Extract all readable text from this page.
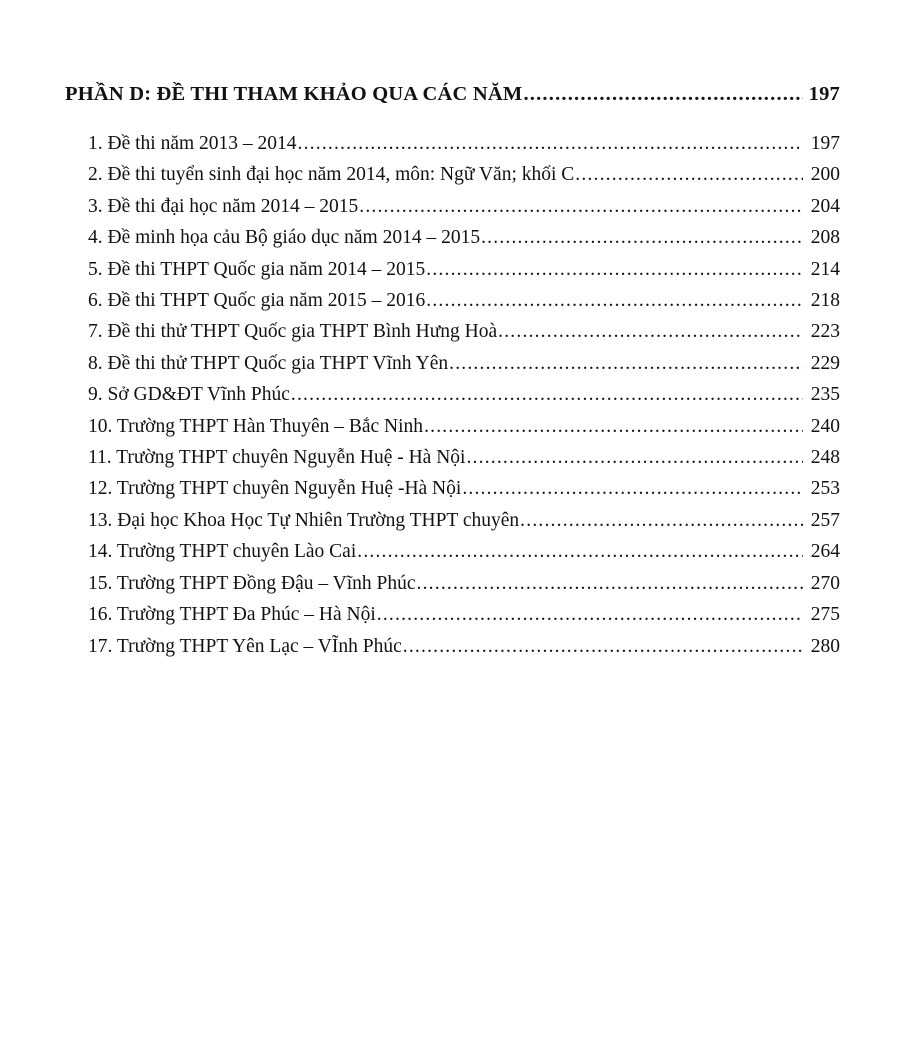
PHẦN D: ĐỀ THI THAM KHẢO QUA CÁC NĂM .....	197
1. Đề thi năm 2013 – 2014 .....	197
2. Đề thi tuyển sinh đại học năm 2014, môn: Ngữ Văn; khối C .....	200
3. Đề thi đại học năm 2014 – 2015 .....	204
4. Đề minh họa cảu Bộ giáo dục năm 2014 – 2015 .....	208
5. Đề thi THPT Quốc gia năm 2014 – 2015 .....	214
6. Đề thi THPT Quốc gia năm 2015 – 2016 .....	218
7. Đề thi thử THPT Quốc gia THPT Bình Hưng Hoà .....	223
8. Đề thi thử THPT Quốc gia THPT Vĩnh Yên .....	229
9. Sở GD&ĐT Vĩnh Phúc .....	235
10. Trường THPT Hàn Thuyên – Bắc Ninh .....	240
11. Trường THPT chuyên Nguyễn Huệ - Hà Nội .....	248
12. Trường THPT chuyên Nguyễn Huệ -Hà Nội .....	253
13. Đại học Khoa Học Tự Nhiên Trường THPT chuyên .....	257
14. Trường THPT chuyên Lào Cai .....	264
15. Trường THPT Đồng Đậu – Vĩnh Phúc .....	270
16. Trường THPT Đa Phúc – Hà Nội .....	275
17. Trường THPT Yên Lạc – VĨnh Phúc .....	280
